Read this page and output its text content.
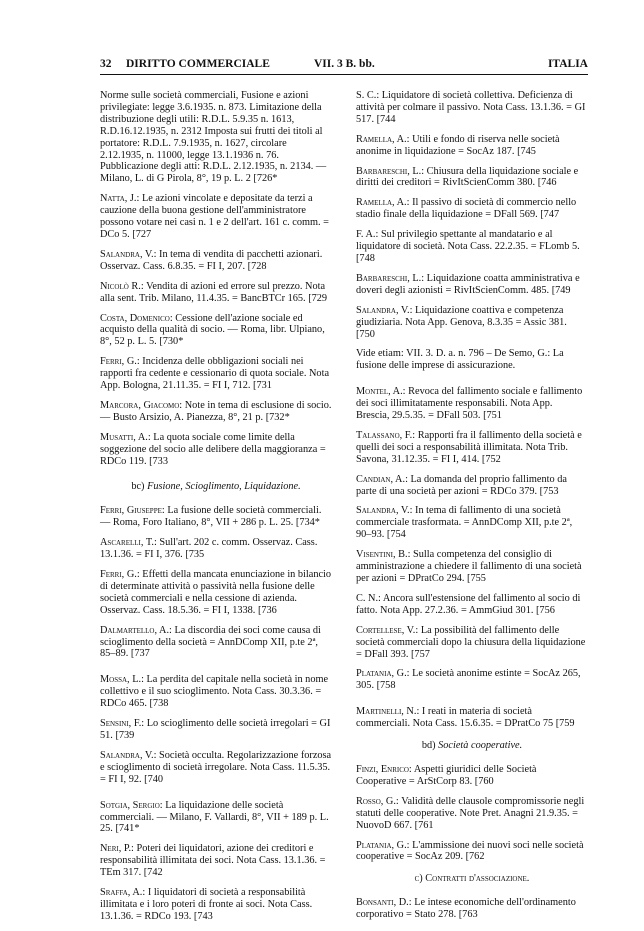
32 DIRITTO COMMERCIALE	VII. 3 B. bb.	ITALIA

Norme sulle società commerciali, Fusione e azioni privilegiate: legge 3.6.1935. n. 873. Limitazione della distribuzione degli utili: R.D.L. 5.9.35 n. 1613, R.D.16.12.1935, n. 2312 Imposta sui frutti dei titoli al portatore: R.D.L. 7.9.1935, n. 1627, circolare 2.12.1935, n. 11000, legge 13.1.1936 n. 76. Pubblicazione degli atti: R.D.L. 2.12.1935, n. 2134. — Milano, L. di G Pirola, 8°, 19 p. L. 2 [726*

Natta, J.: Le azioni vincolate e depositate da terzi a cauzione della buona gestione dell'amministratore possono votare nei casi n. 1 e 2 dell'art. 161 c. comm. = DCo 5. [727

Salandra, V.: In tema di vendita di pacchetti azionari. Osservaz. Cass. 6.8.35. = FI I, 207. [728

Nicolò R.: Vendita di azioni ed errore sul prezzo. Nota alla sent. Trib. Milano, 11.4.35. = BancBTCr 165. [729

Costa, Domenico: Cessione dell'azione sociale ed acquisto della qualità di socio. — Roma, libr. Ulpiano, 8°, 52 p. L. 5. [730*

Ferri, G.: Incidenza delle obbligazioni sociali nei rapporti fra cedente e cessionario di quota sociale. Nota App. Bologna, 21.11.35. = FI I, 712. [731

Marcora, Giacomo: Note in tema di esclusione di socio. — Busto Arsizio, A. Pianezza, 8°, 21 p. [732*

Musatti, A.: La quota sociale come limite della soggezione del socio alle delibere della maggioranza = RDCo 119. [733

bc) Fusione, Scioglimento, Liquidazione.

Ferri, Giuseppe: La fusione delle società commerciali. — Roma, Foro Italiano, 8°, VII + 286 p. L. 25. [734*

Ascarelli, T.: Sull'art. 202 c. comm. Osservaz. Cass. 13.1.36. = FI I, 376. [735

Ferri, G.: Effetti della mancata enunciazione in bilancio di determinate attività o passività nella fusione delle società commerciali e nella cessione di azienda. Osservaz. Cass. 18.5.36. = FI I, 1338. [736

Dalmartello, A.: La discordia dei soci come causa di scioglimento della società = AnnDComp XII, p.te 2ª, 85–89. [737

Mossa, L.: La perdita del capitale nella società in nome collettivo e il suo scioglimento. Nota Cass. 30.3.36. = RDCo 465. [738

Sensini, F.: Lo scioglimento delle società irregolari = GI 51. [739

Salandra, V.: Società occulta. Regolarizzazione forzosa e scioglimento di società irregolare. Nota Cass. 11.5.35. = FI I, 92. [740

Sotgia, Sergio: La liquidazione delle società commerciali. — Milano, F. Vallardi, 8°, VII + 189 p. L. 25. [741*

Neri, P.: Poteri dei liquidatori, azione dei creditori e responsabilità illimitata dei soci. Nota Cass. 13.1.36. = TEm 317. [742

Sraffa, A.: I liquidatori di società a responsabilità illimitata e i loro poteri di fronte ai soci. Nota Cass. 13.1.36. = RDCo 193. [743

S. C.: Liquidatore di società collettiva. Deficienza di attività per colmare il passivo. Nota Cass. 13.1.36. = GI 517. [744

Ramella, A.: Utili e fondo di riserva nelle società anonime in liquidazione = SocAz 187. [745

Barbareschi, L.: Chiusura della liquidazione sociale e diritti dei creditori = RivItScienComm 380. [746

Ramella, A.: Il passivo di società di commercio nello stadio finale della liquidazione = DFall 569. [747

F. A.: Sul privilegio spettante al mandatario e al liquidatore di società. Nota Cass. 22.2.35. = FLomb 5. [748

Barbareschi, L.: Liquidazione coatta amministrativa e doveri degli azionisti = RivItScienComm. 485. [749

Salandra, V.: Liquidazione coattiva e competenza giudiziaria. Nota App. Genova, 8.3.35 = Assic 381. [750

Vide etiam: VII. 3. D. a. n. 796 – De Semo, G.: La fusione delle imprese di assicurazione.

Montel, A.: Revoca del fallimento sociale e fallimento dei soci illimitatamente responsabili. Nota App. Brescia, 29.5.35. = DFall 503. [751

Talassano, F.: Rapporti fra il fallimento della società e quelli dei soci a responsabilità illimitata. Nota Trib. Savona, 31.12.35. = FI I, 414. [752

Candian, A.: La domanda del proprio fallimento da parte di una società per azioni = RDCo 379. [753

Salandra, V.: In tema di fallimento di una società commerciale trasformata. = AnnDComp XII, p.te 2ª, 90–93. [754

Visentini, B.: Sulla competenza del consiglio di amministrazione a chiedere il fallimento di una società per azioni = DPratCo 294. [755

C. N.: Ancora sull'estensione del fallimento al socio di fatto. Nota App. 27.2.36. = AmmGiud 301. [756

Cortellese, V.: La possibilità del fallimento delle società commerciali dopo la chiusura della liquidazione = DFall 393. [757

Platania, G.: Le società anonime estinte = SocAz 265, 305. [758

Martinelli, N.: I reati in materia di società commerciali. Nota Cass. 15.6.35. = DPratCo 75 [759

bd) Società cooperative.

Finzi, Enrico: Aspetti giuridici delle Società Cooperative = ArStCorp 83. [760

Rosso, G.: Validità delle clausole compromissorie negli statuti delle cooperative. Note Pret. Anagni 21.9.35. = NuovoD 667. [761

Platania, G.: L'ammissione dei nuovi soci nelle società cooperative = SocAz 209. [762

c) Contratti d'associazione.

Bonsanti, D.: Le intese economiche dell'ordinamento corporativo = Stato 278. [763
